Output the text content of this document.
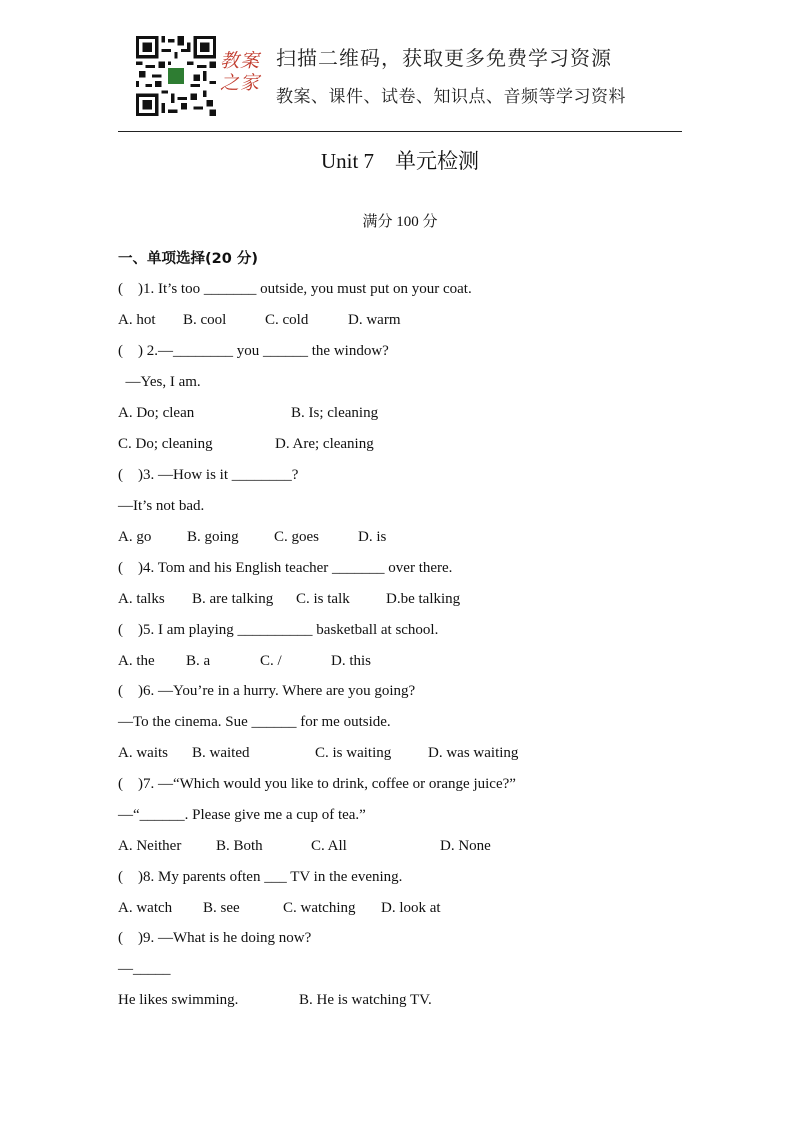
教案之家
扫描二维码，获取更多免费学习资源
教案、课件、试卷、知识点、音频等学习资料
Unit 7　单元检测
满分 100 分
一、单项选择(20 分)
(    )1. It’s too _______ outside, you must put on your coat.
A. hot B. cool	C. cold	D. warm
(    ) 2.—________ you ______ the window?
—Yes, I am.
A. Do; clean	B. Is; cleaning
C. Do; cleaning	D. Are; cleaning
(    )3. —How is it ________?
—It’s not bad.
A. go B. going C. goes	D. is
(    )4. Tom and his English teacher _______ over there.
A. talks B. are talking C. is talk D.be talking
(    )5. I am playing __________ basketball at school.
A. the B. a	C. /	D. this
(    )6. —You’re in a hurry. Where are you going?
—To the cinema. Sue ______ for me outside.
A. waits B. waited	C. is waiting D. was waiting
(    )7. —“Which would you like to drink, coffee or orange juice?”
—“______. Please give me a cup of tea.”
A. Neither B. Both	C. All	D. None
(    )8. My parents often ___ TV in the evening.
A. watch B. see	C. watching D. look at
(    )9. —What is he doing now?
—_____
He likes swimming.	B. He is watching TV.
